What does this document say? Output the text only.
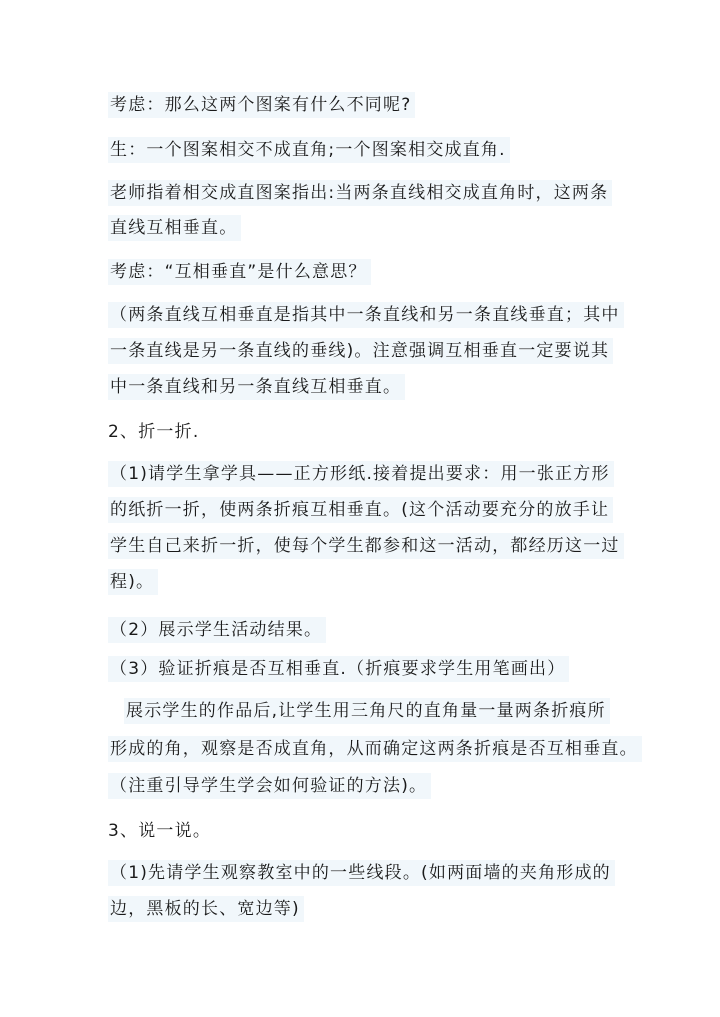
考虑：那么这两个图案有什么不同呢?
生：一个图案相交不成直角;一个图案相交成直角.
老师指着相交成直图案指出:当两条直线相交成直角时，这两条
直线互相垂直。
考虑：“互相垂直”是什么意思？
（两条直线互相垂直是指其中一条直线和另一条直线垂直；其中
一条直线是另一条直线的垂线)。注意强调互相垂直一定要说其
中一条直线和另一条直线互相垂直。
2、折一折.
（1)请学生拿学具——正方形纸.接着提出要求：用一张正方形
的纸折一折，使两条折痕互相垂直。(这个活动要充分的放手让
学生自己来折一折，使每个学生都参和这一活动，都经历这一过
程)。
（2）展示学生活动结果。
（3）验证折痕是否互相垂直.（折痕要求学生用笔画出）
展示学生的作品后,让学生用三角尺的直角量一量两条折痕所
形成的角，观察是否成直角，从而确定这两条折痕是否互相垂直。
（注重引导学生学会如何验证的方法)。
3、说一说。
（1)先请学生观察教室中的一些线段。(如两面墙的夹角形成的
边，黑板的长、宽边等)
